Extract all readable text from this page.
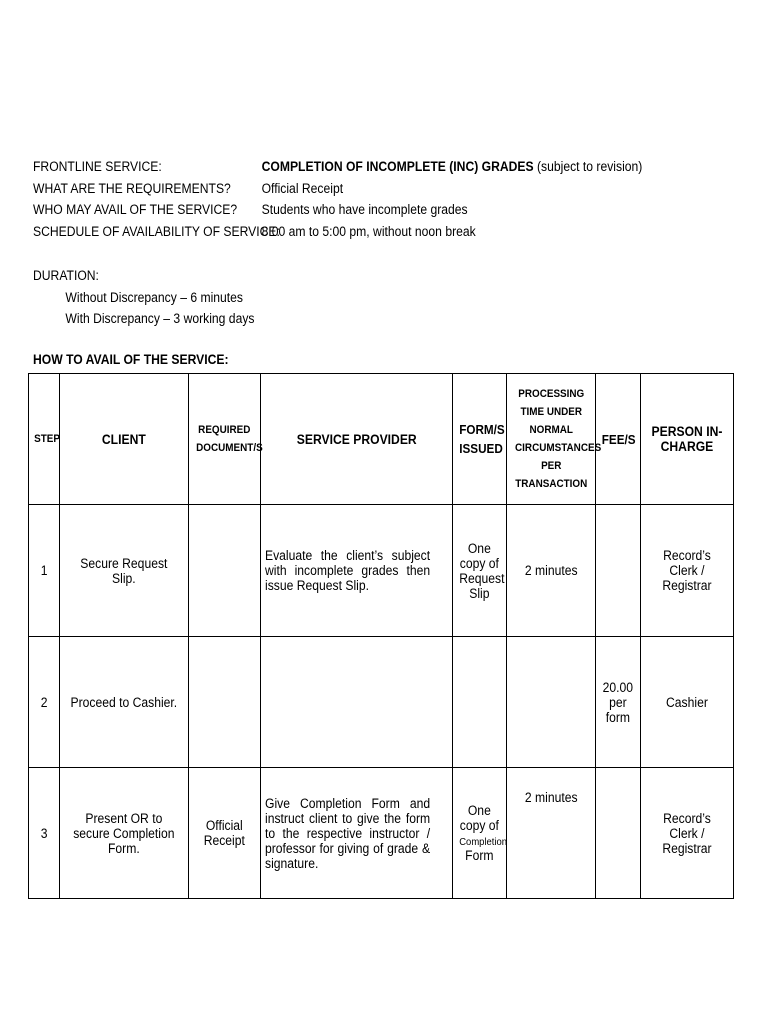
FRONTLINE SERVICE:	COMPLETION OF INCOMPLETE (INC) GRADES (subject to revision)
WHAT ARE THE REQUIREMENTS?	Official Receipt
WHO MAY AVAIL OF THE SERVICE?	Students who have incomplete grades
SCHEDULE OF AVAILABILITY OF SERVICE:
8:00 am to 5:00 pm, without noon break
DURATION:
Without Discrepancy – 6 minutes
With Discrepancy – 3 working days
HOW TO AVAIL OF THE SERVICE:
STEP	CLIENT	REQUIRED DOCUMENT/S	SERVICE PROVIDER	FORM/S ISSUED	PROCESSING TIME UNDER NORMAL CIRCUMSTANCES PER TRANSACTION	FEE/S	PERSON IN-CHARGE

1	Secure Request Slip.		Evaluate the client’s subject with incomplete grades then issue Request Slip.	One copy of
Request Slip	2 minutes		Record’s Clerk / Registrar

2	Proceed to Cashier.					20.00 per form	Cashier

3	Present OR to secure Completion Form.	Official Receipt	Give Completion Form and instruct client to give the form to the respective instructor / professor for giving of grade & signature.	One copy of
Completion
Form	2 minutes		Record’s Clerk / Registrar
